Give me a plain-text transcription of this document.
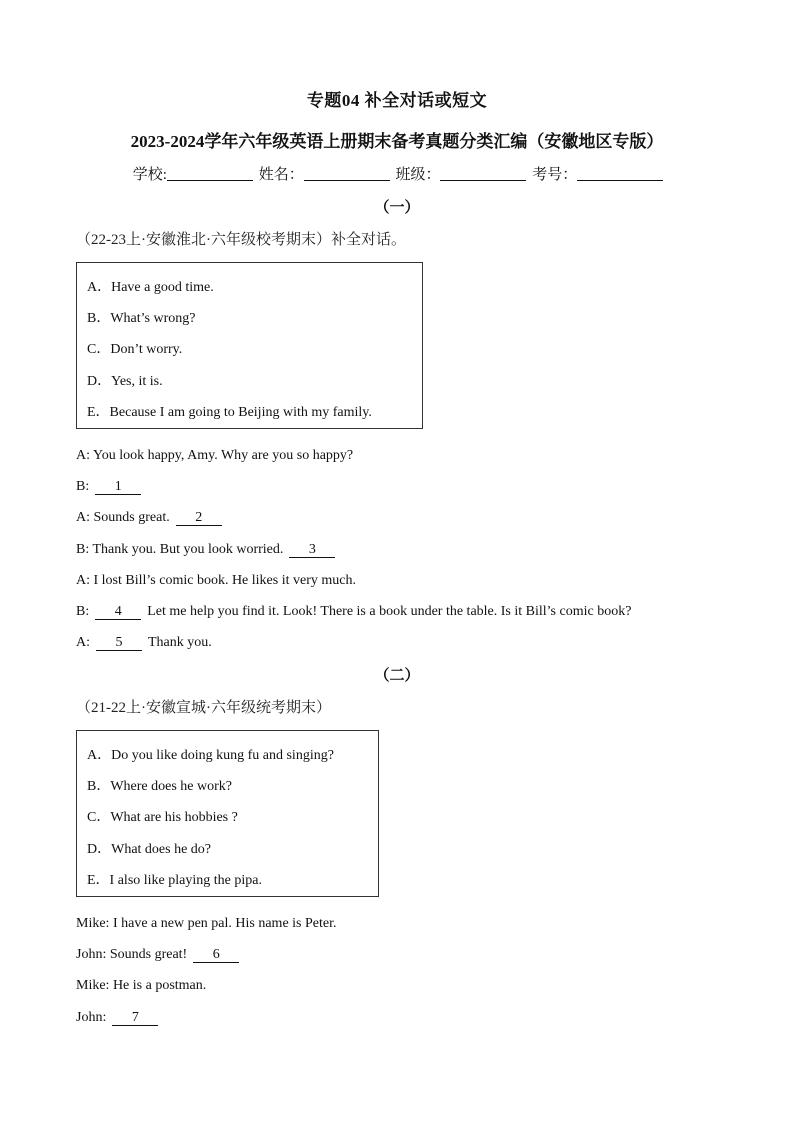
专题04 补全对话或短文
2023-2024学年六年级英语上册期末备考真题分类汇编（安徽地区专版）
学校:	姓名：	班级：	考号：
（一）
（22-23上·安徽淮北·六年级校考期末）补全对话。
A．Have a good time.
B．What’s wrong?
C．Don’t worry.
D．Yes, it is.
E．Because I am going to Beijing with my family.
A: You look happy, Amy. Why are you so happy?
B: 1
A: Sounds great. 2
B: Thank you. But you look worried. 3
A: I lost Bill’s comic book. He likes it very much.
B: 4 Let me help you find it. Look! There is a book under the table. Is it Bill’s comic book?
A: 5 Thank you.
（二）
（21-22上·安徽宣城·六年级统考期末）
A．Do you like doing kung fu and singing?
B．Where does he work?
C．What are his hobbies ?
D．What does he do?
E．I also like playing the pipa.
Mike: I have a new pen pal. His name is Peter.
John: Sounds great! 6
Mike: He is a postman.
John: 7
